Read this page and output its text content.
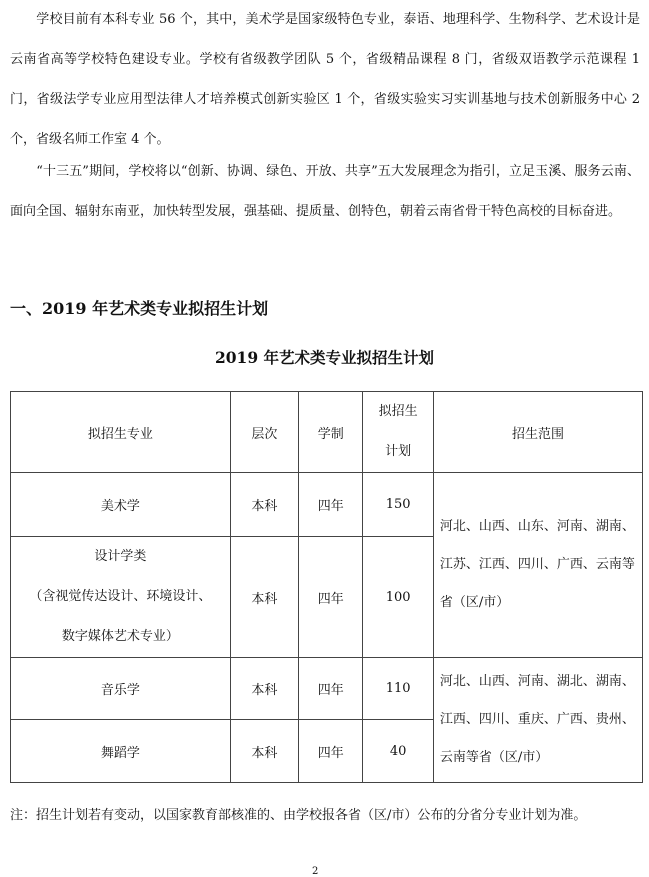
　　学校目前有本科专业 56 个，其中，美术学是国家级特色专业，泰语、地理科学、生物科学、艺术设计是云南省高等学校特色建设专业。学校有省级教学团队 5 个，省级精品课程 8 门，省级双语教学示范课程 1 门，省级法学专业应用型法律人才培养模式创新实验区 1 个，省级实验实习实训基地与技术创新服务中心 2 个，省级名师工作室 4 个。

　　“十三五”期间，学校将以“创新、协调、绿色、开放、共享”五大发展理念为指引，立足玉溪、服务云南、面向全国、辐射东南亚，加快转型发展，强基础、提质量、创特色，朝着云南省骨干特色高校的目标奋进。

一、2019 年艺术类专业拟招生计划
2019 年艺术类专业拟招生计划
拟招生专业	层次	学制	拟招生
计划	招生范围
美术学	本科	四年	150	河北、山西、山东、河南、湖南、江苏、江西、四川、广西、云南等省（区/市）

设计学类
（含视觉传达设计、环境设计、
数字媒体艺术专业）	本科	四年	100	
音乐学	本科	四年	110	河北、山西、河南、湖北、湖南、江西、四川、重庆、广西、贵州、云南等省（区/市）
舞蹈学	本科	四年	40	

注：招生计划若有变动，以国家教育部核准的、由学校报各省（区/市）公布的分省分专业计划为准。

2
